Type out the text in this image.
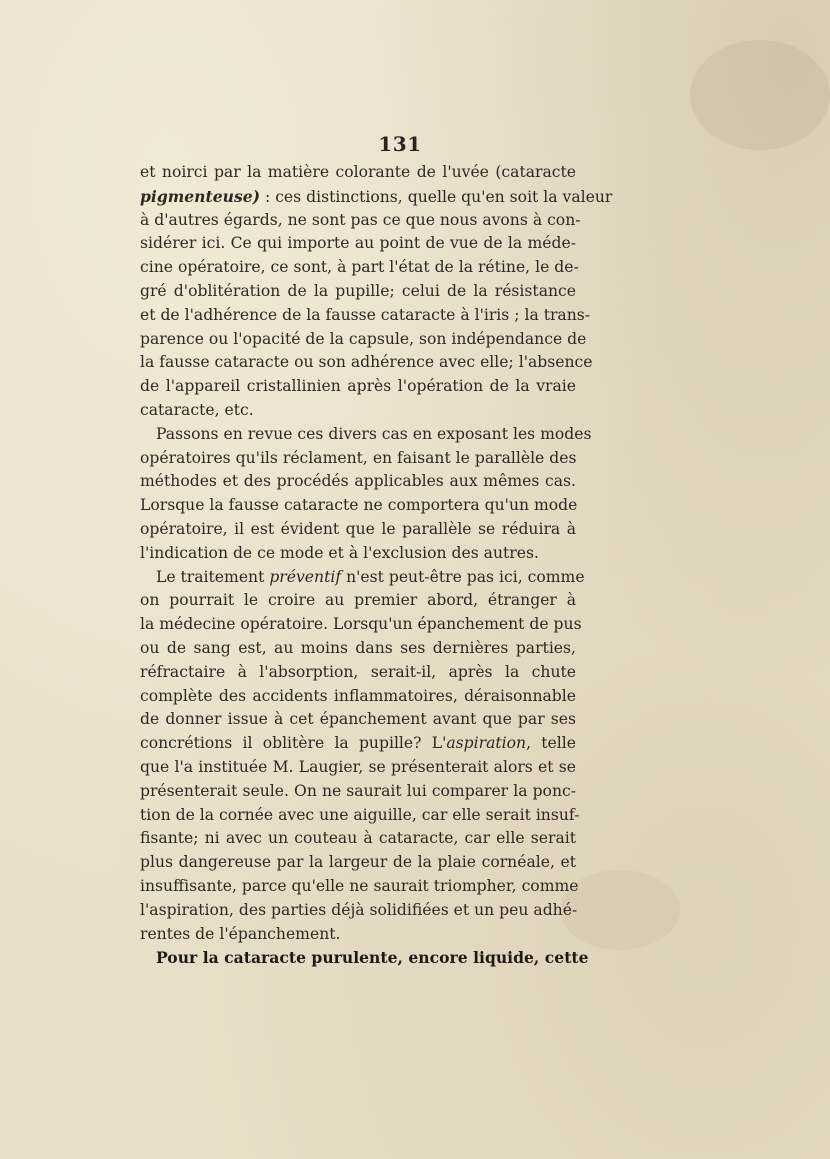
131
et noirci par la matière colorante de l'uvée (cataracte
pigmenteuse) : ces distinctions, quelle qu'en soit la valeur
à d'autres égards, ne sont pas ce que nous avons à con-
sidérer ici. Ce qui importe au point de vue de la méde-
cine opératoire, ce sont, à part l'état de la rétine, le de-
gré d'oblitération de la pupille; celui de la résistance
et de l'adhérence de la fausse cataracte à l'iris ; la trans-
parence ou l'opacité de la capsule, son indépendance de
la fausse cataracte ou son adhérence avec elle; l'absence
de l'appareil cristallinien après l'opération de la vraie
cataracte, etc.
Passons en revue ces divers cas en exposant les modes
opératoires qu'ils réclament, en faisant le parallèle des
méthodes et des procédés applicables aux mêmes cas.
Lorsque la fausse cataracte ne comportera qu'un mode
opératoire, il est évident que le parallèle se réduira à
l'indication de ce mode et à l'exclusion des autres.
Le traitement préventif n'est peut-être pas ici, comme
on pourrait le croire au premier abord, étranger à
la médecine opératoire. Lorsqu'un épanchement de pus
ou de sang est, au moins dans ses dernières parties,
réfractaire à l'absorption, serait-il, après la chute
complète des accidents inflammatoires, déraisonnable
de donner issue à cet épanchement avant que par ses
concrétions il oblitère la pupille? L'aspiration, telle
que l'a instituée M. Laugier, se présenterait alors et se
présenterait seule. On ne saurait lui comparer la ponc-
tion de la cornée avec une aiguille, car elle serait insuf-
fisante; ni avec un couteau à cataracte, car elle serait
plus dangereuse par la largeur de la plaie cornéale, et
insuffisante, parce qu'elle ne saurait triompher, comme
l'aspiration, des parties déjà solidifiées et un peu adhé-
rentes de l'épanchement.
Pour la cataracte purulente, encore liquide, cette
